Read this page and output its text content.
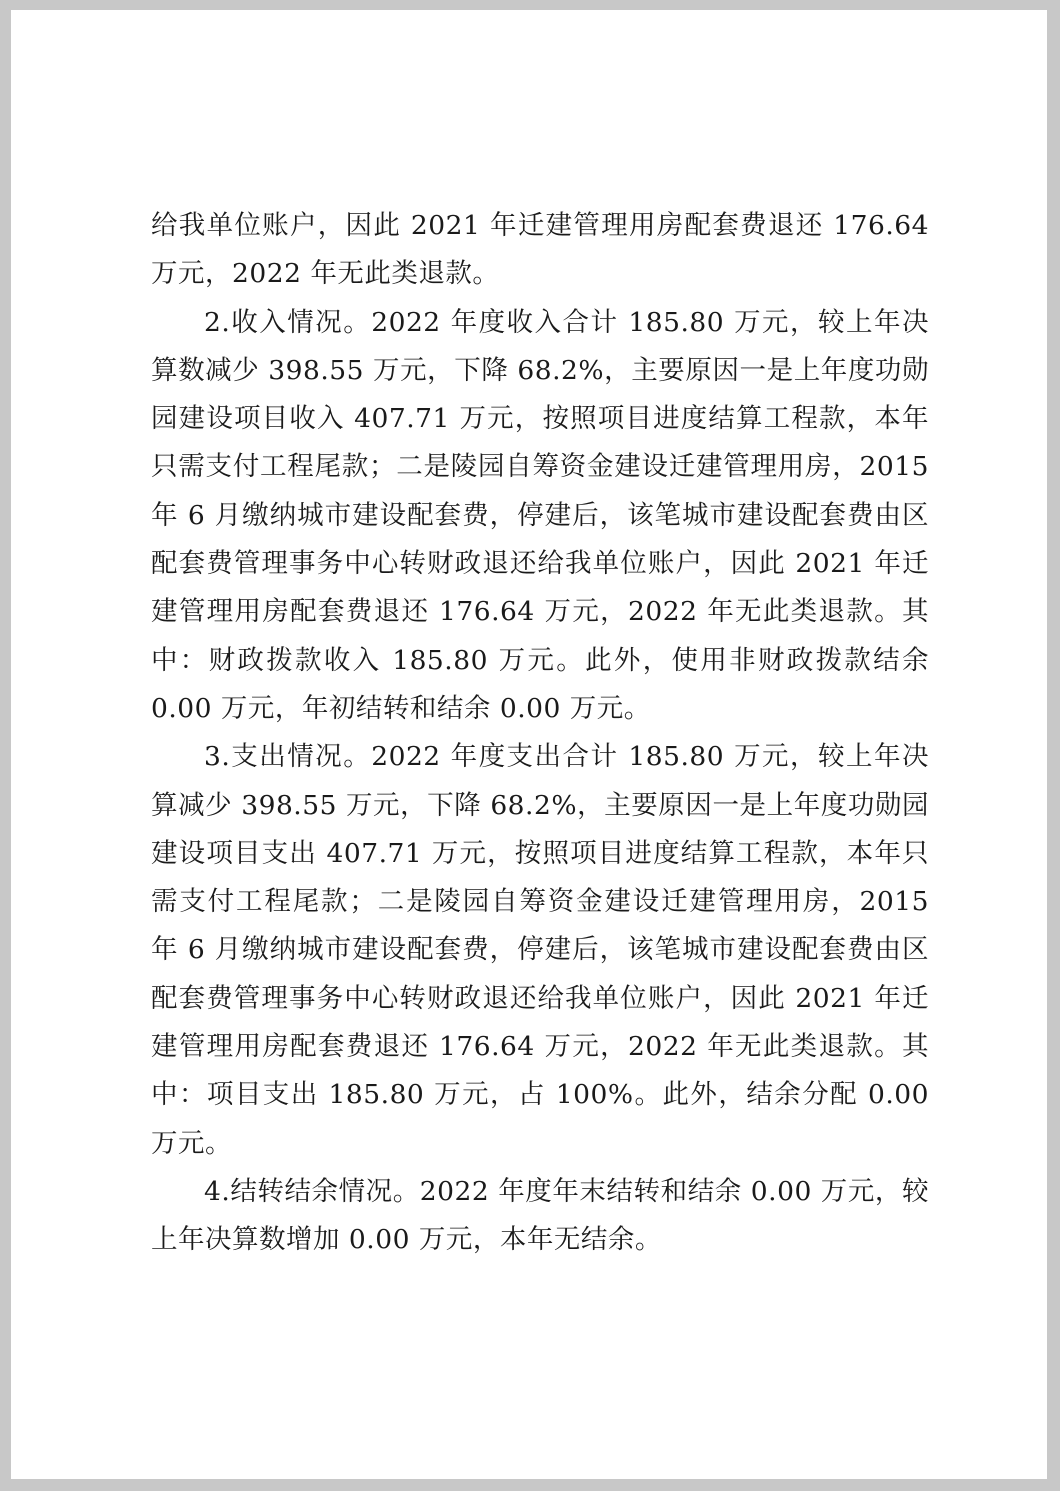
给我单位账户，因此 2021 年迁建管理用房配套费退还 176.64 万元，2022 年无此类退款。

2.收入情况。2022 年度收入合计 185.80 万元，较上年决算数减少 398.55 万元，下降 68.2%，主要原因一是上年度功勋园建设项目收入 407.71 万元，按照项目进度结算工程款，本年只需支付工程尾款；二是陵园自筹资金建设迁建管理用房，2015 年 6 月缴纳城市建设配套费，停建后，该笔城市建设配套费由区配套费管理事务中心转财政退还给我单位账户，因此 2021 年迁建管理用房配套费退还 176.64 万元，2022 年无此类退款。其中：财政拨款收入 185.80 万元。此外，使用非财政拨款结余 0.00 万元，年初结转和结余 0.00 万元。

3.支出情况。2022 年度支出合计 185.80 万元，较上年决算减少 398.55 万元，下降 68.2%，主要原因一是上年度功勋园建设项目支出 407.71 万元，按照项目进度结算工程款，本年只需支付工程尾款；二是陵园自筹资金建设迁建管理用房，2015 年 6 月缴纳城市建设配套费，停建后，该笔城市建设配套费由区配套费管理事务中心转财政退还给我单位账户，因此 2021 年迁建管理用房配套费退还 176.64 万元，2022 年无此类退款。其中：项目支出 185.80 万元，占 100%。此外，结余分配 0.00 万元。

4.结转结余情况。2022 年度年末结转和结余 0.00 万元，较上年决算数增加 0.00 万元，本年无结余。
